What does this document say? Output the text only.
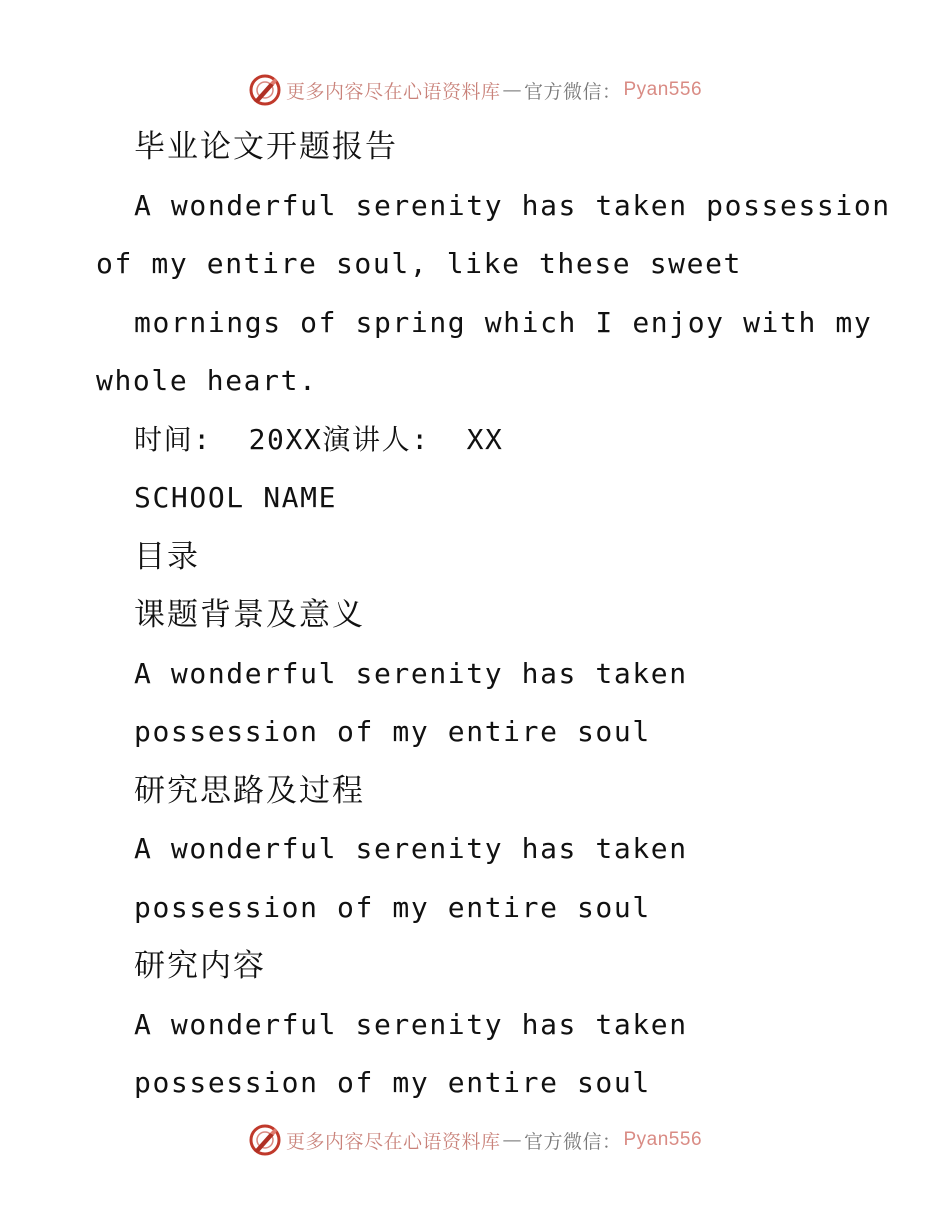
更多内容尽在心语资料库 — 官方微信： Pyan556
毕业论文开题报告
A wonderful serenity has taken possession
of my entire soul, like these sweet
mornings of spring which I enjoy with my
whole heart.
时间:  20XX演讲人:  XX
SCHOOL NAME
目录
课题背景及意义
A wonderful serenity has taken
possession of my entire soul
研究思路及过程
A wonderful serenity has taken
possession of my entire soul
研究内容
A wonderful serenity has taken
possession of my entire soul
更多内容尽在心语资料库 — 官方微信： Pyan556
